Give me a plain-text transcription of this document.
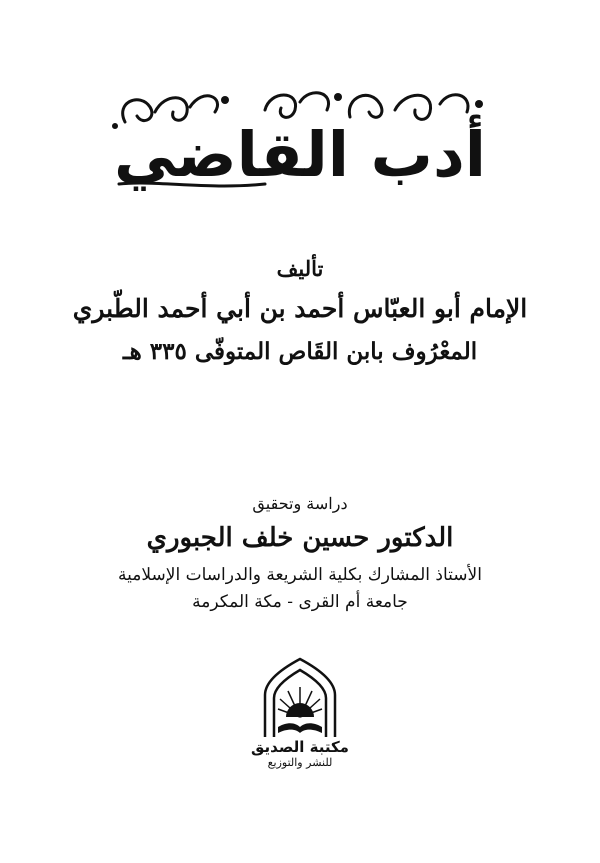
أدب القاضي
تأليف
الإمام أبو العبّاس أحمد بن أبي أحمد الطّبري
المعْرُوف بابن القَاص المتوفّى ٣٣٥ هـ
دراسة وتحقيق
الدكتور حسين خلف الجبوري
الأستاذ المشارك بكلية الشريعة والدراسات الإسلامية
جامعة أم القرى - مكة المكرمة
مكتبة الصديق
للنشر والتوزيع
